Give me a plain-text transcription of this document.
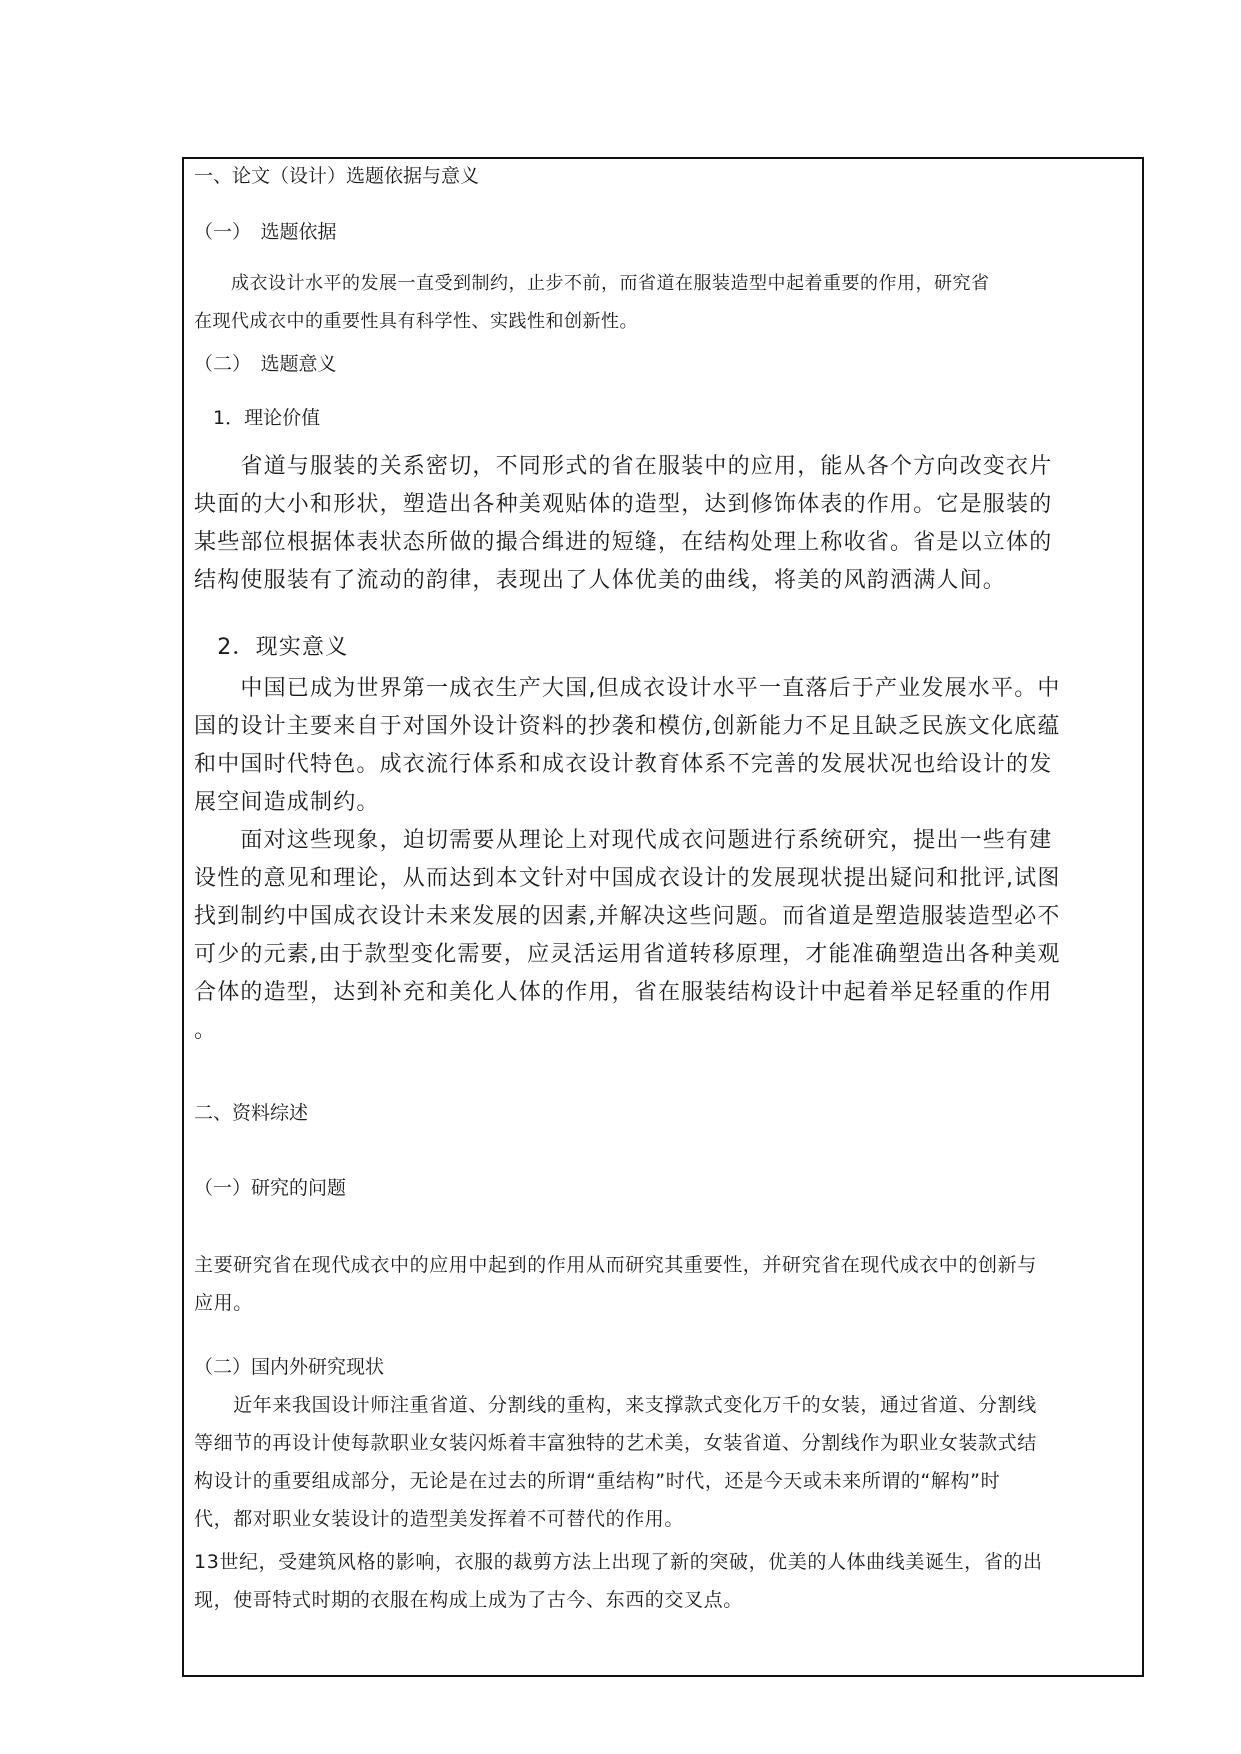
一、论文（设计）选题依据与意义

（一）　选题依据

　　成衣设计水平的发展一直受到制约，止步不前，而省道在服装造型中起着重要的作用，研究省
在现代成衣中的重要性具有科学性、实践性和创新性。

（二）　选题意义

　1．理论价值

　　省道与服装的关系密切，不同形式的省在服装中的应用，能从各个方向改变衣片
块面的大小和形状，塑造出各种美观贴体的造型，达到修饰体表的作用。它是服装的
某些部位根据体表状态所做的撮合缉进的短缝，在结构处理上称收省。省是以立体的
结构使服装有了流动的韵律，表现出了人体优美的曲线，将美的风韵洒满人间。

　2．现实意义

　　中国已成为世界第一成衣生产大国,但成衣设计水平一直落后于产业发展水平。中
国的设计主要来自于对国外设计资料的抄袭和模仿,创新能力不足且缺乏民族文化底蕴
和中国时代特色。成衣流行体系和成衣设计教育体系不完善的发展状况也给设计的发
展空间造成制约。
　　面对这些现象，迫切需要从理论上对现代成衣问题进行系统研究，提出一些有建
设性的意见和理论，从而达到本文针对中国成衣设计的发展现状提出疑问和批评,试图
找到制约中国成衣设计未来发展的因素,并解决这些问题。而省道是塑造服装造型必不
可少的元素,由于款型变化需要，应灵活运用省道转移原理，才能准确塑造出各种美观
合体的造型，达到补充和美化人体的作用，省在服装结构设计中起着举足轻重的作用
。

二、资料综述

（一）研究的问题

主要研究省在现代成衣中的应用中起到的作用从而研究其重要性，并研究省在现代成衣中的创新与
应用。

（二）国内外研究现状

　　近年来我国设计师注重省道、分割线的重构，来支撑款式变化万千的女装，通过省道、分割线
等细节的再设计使每款职业女装闪烁着丰富独特的艺术美，女装省道、分割线作为职业女装款式结
构设计的重要组成部分，无论是在过去的所谓“重结构”时代，还是今天或未来所谓的“解构”时
代，都对职业女装设计的造型美发挥着不可替代的作用。
13世纪，受建筑风格的影响，衣服的裁剪方法上出现了新的突破，优美的人体曲线美诞生，省的出
现，使哥特式时期的衣服在构成上成为了古今、东西的交叉点。
